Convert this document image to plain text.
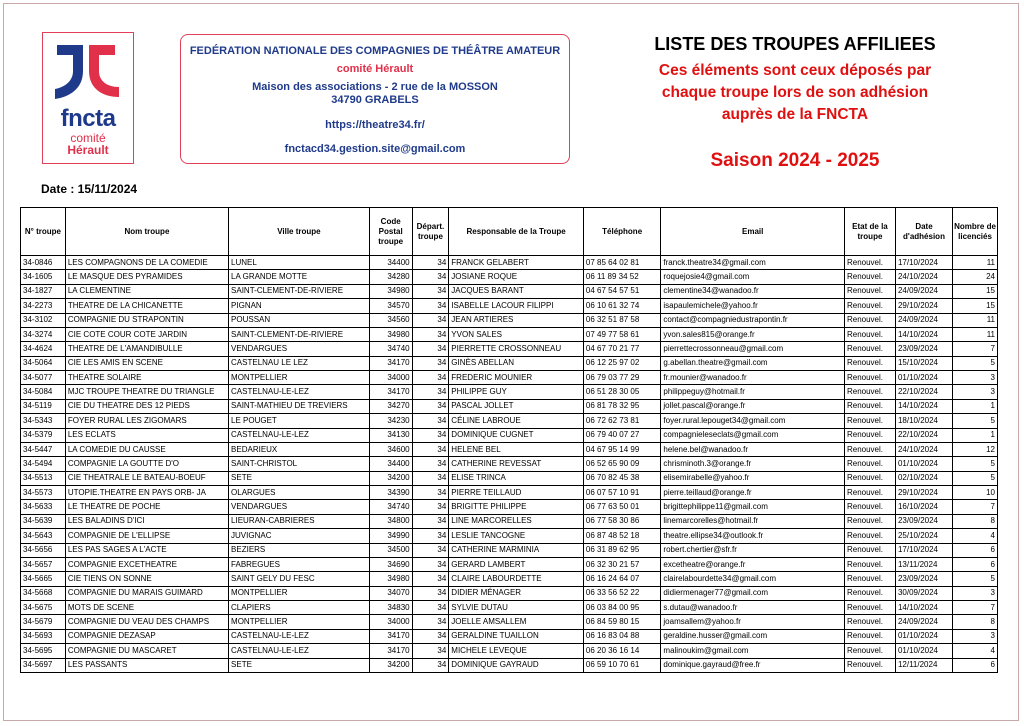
fncta
comité
Hérault
FEDÉRATION NATIONALE DES COMPAGNIES DE THÉÂTRE AMATEUR
comité Hérault
Maison des associations - 2 rue de la MOSSON
34790 GRABELS
https://theatre34.fr/
fnctacd34.gestion.site@gmail.com
LISTE DES TROUPES AFFILIEES
Ces éléments sont ceux déposés par
chaque troupe lors de son adhésion
auprès de la FNCTA
Saison 2024 - 2025
Date : 15/11/2024
N° troupe	Nom troupe	Ville troupe	Code Postal troupe	Départ. troupe	Responsable de la Troupe	Téléphone	Email	Etat de la troupe	Date d'adhésion	Nombre de licenciés
34-0846	LES COMPAGNONS DE LA COMEDIE	LUNEL	34400	34	FRANCK GELABERT	07 85 64 02 81	franck.theatre34@gmail.com	Renouvel.	17/10/2024	11
34-1605	LE MASQUE DES PYRAMIDES	LA GRANDE MOTTE	34280	34	JOSIANE ROQUE	06 11 89 34 52	roquejosie4@gmail.com	Renouvel.	24/10/2024	24
34-1827	LA CLEMENTINE	SAINT-CLEMENT-DE-RIVIERE	34980	34	JACQUES BARANT	04 67 54 57 51	clementine34@wanadoo.fr	Renouvel.	24/09/2024	15
34-2273	THEATRE DE LA CHICANETTE	PIGNAN	34570	34	ISABELLE LACOUR FILIPPI	06 10 61 32 74	isapaulemichele@yahoo.fr	Renouvel.	29/10/2024	15
34-3102	COMPAGNIE DU STRAPONTIN	POUSSAN	34560	34	JEAN ARTIERES	06 32 51 87 58	contact@compagniedustrapontin.fr	Renouvel.	24/09/2024	11
34-3274	CIE COTE COUR COTE JARDIN	SAINT-CLEMENT-DE-RIVIERE	34980	34	YVON SALES	07 49 77 58 61	yvon.sales815@orange.fr	Renouvel.	14/10/2024	11
34-4624	THEATRE DE L'AMANDIBULLE	VENDARGUES	34740	34	PIERRETTE CROSSONNEAU	04 67 70 21 77	pierrettecrossonneau@gmail.com	Renouvel.	23/09/2024	7
34-5064	CIE LES AMIS EN SCENE	CASTELNAU LE LEZ	34170	34	GINÈS ABELLAN	06 12 25 97 02	g.abellan.theatre@gmail.com	Renouvel.	15/10/2024	5
34-5077	THEATRE SOLAIRE	MONTPELLIER	34000	34	FREDERIC MOUNIER	06 79 03 77 29	fr.mounier@wanadoo.fr	Renouvel.	01/10/2024	3
34-5084	MJC TROUPE THEATRE DU TRIANGLE	CASTELNAU-LE-LEZ	34170	34	PHILIPPE GUY	06 51 28 30 05	philippeguy@hotmail.fr	Renouvel.	22/10/2024	3
34-5119	CIE DU THEATRE DES 12 PIEDS	SAINT-MATHIEU DE TREVIERS	34270	34	PASCAL JOLLET	06 81 78 32 95	jollet.pascal@orange.fr	Renouvel.	14/10/2024	1
34-5343	FOYER RURAL LES ZIGOMARS	LE POUGET	34230	34	CÉLINE LABROUE	06 72 62 73 81	foyer.rural.lepouget34@gmail.com	Renouvel.	18/10/2024	5
34-5379	LES ECLATS	CASTELNAU-LE-LEZ	34130	34	DOMINIQUE CUGNET	06 79 40 07 27	compagnieleseclats@gmail.com	Renouvel.	22/10/2024	1
34-5447	LA COMEDIE DU CAUSSE	BEDARIEUX	34600	34	HELENE BEL	04 67 95 14 99	helene.bel@wanadoo.fr	Renouvel.	24/10/2024	12
34-5494	COMPAGNIE LA GOUTTE D'O	SAINT-CHRISTOL	34400	34	CATHERINE REVESSAT	06 52 65 90 09	chrisminoth.3@orange.fr	Renouvel.	01/10/2024	5
34-5513	CIE THEATRALE LE BATEAU-BOEUF	SETE	34200	34	ELISE TRINCA	06 70 82 45 38	elisemirabelle@yahoo.fr	Renouvel.	02/10/2024	5
34-5573	UTOPIE.THEATRE EN PAYS ORB- JA	OLARGUES	34390	34	PIERRE TEILLAUD	06 07 57 10 91	pierre.teillaud@orange.fr	Renouvel.	29/10/2024	10
34-5633	LE THEATRE DE POCHE	VENDARGUES	34740	34	BRIGITTE PHILIPPE	06 77 63 50 01	brigittephilippe11@gmail.com	Renouvel.	16/10/2024	7
34-5639	LES BALADINS D'ICI	LIEURAN-CABRIERES	34800	34	LINE MARCORELLES	06 77 58 30 86	linemarcorelles@hotmail.fr	Renouvel.	23/09/2024	8
34-5643	COMPAGNIE DE L'ELLIPSE	JUVIGNAC	34990	34	LESLIE TANCOGNE	06 87 48 52 18	theatre.ellipse34@outlook.fr	Renouvel.	25/10/2024	4
34-5656	LES PAS SAGES A L'ACTE	BEZIERS	34500	34	CATHERINE MARMINIA	06 31 89 62 95	robert.chertier@sfr.fr	Renouvel.	17/10/2024	6
34-5657	COMPAGNIE EXCETHEATRE	FABREGUES	34690	34	GERARD LAMBERT	06 32 30 21 57	excetheatre@orange.fr	Renouvel.	13/11/2024	6
34-5665	CIE TIENS ON SONNE	SAINT GELY DU FESC	34980	34	CLAIRE LABOURDETTE	06 16 24 64 07	clairelabourdette34@gmail.com	Renouvel.	23/09/2024	5
34-5668	COMPAGNIE DU MARAIS GUIMARD	MONTPELLIER	34070	34	DIDIER MÉNAGER	06 33 56 52 22	didiermenager77@gmail.com	Renouvel.	30/09/2024	3
34-5675	MOTS DE SCENE	CLAPIERS	34830	34	SYLVIE DUTAU	06 03 84 00 95	s.dutau@wanadoo.fr	Renouvel.	14/10/2024	7
34-5679	COMPAGNIE DU VEAU DES CHAMPS	MONTPELLIER	34000	34	JOELLE AMSALLEM	06 84 59 80 15	joamsallem@yahoo.fr	Renouvel.	24/09/2024	8
34-5693	COMPAGNIE DEZASAP	CASTELNAU-LE-LEZ	34170	34	GERALDINE TUAILLON	06 16 83 04 88	geraldine.husser@gmail.com	Renouvel.	01/10/2024	3
34-5695	COMPAGNIE DU MASCARET	CASTELNAU-LE-LEZ	34170	34	MICHELE LEVEQUE	06 20 36 16 14	malinoukim@gmail.com	Renouvel.	01/10/2024	4
34-5697	LES PASSANTS	SETE	34200	34	DOMINIQUE GAYRAUD	06 59 10 70 61	dominique.gayraud@free.fr	Renouvel.	12/11/2024	6
